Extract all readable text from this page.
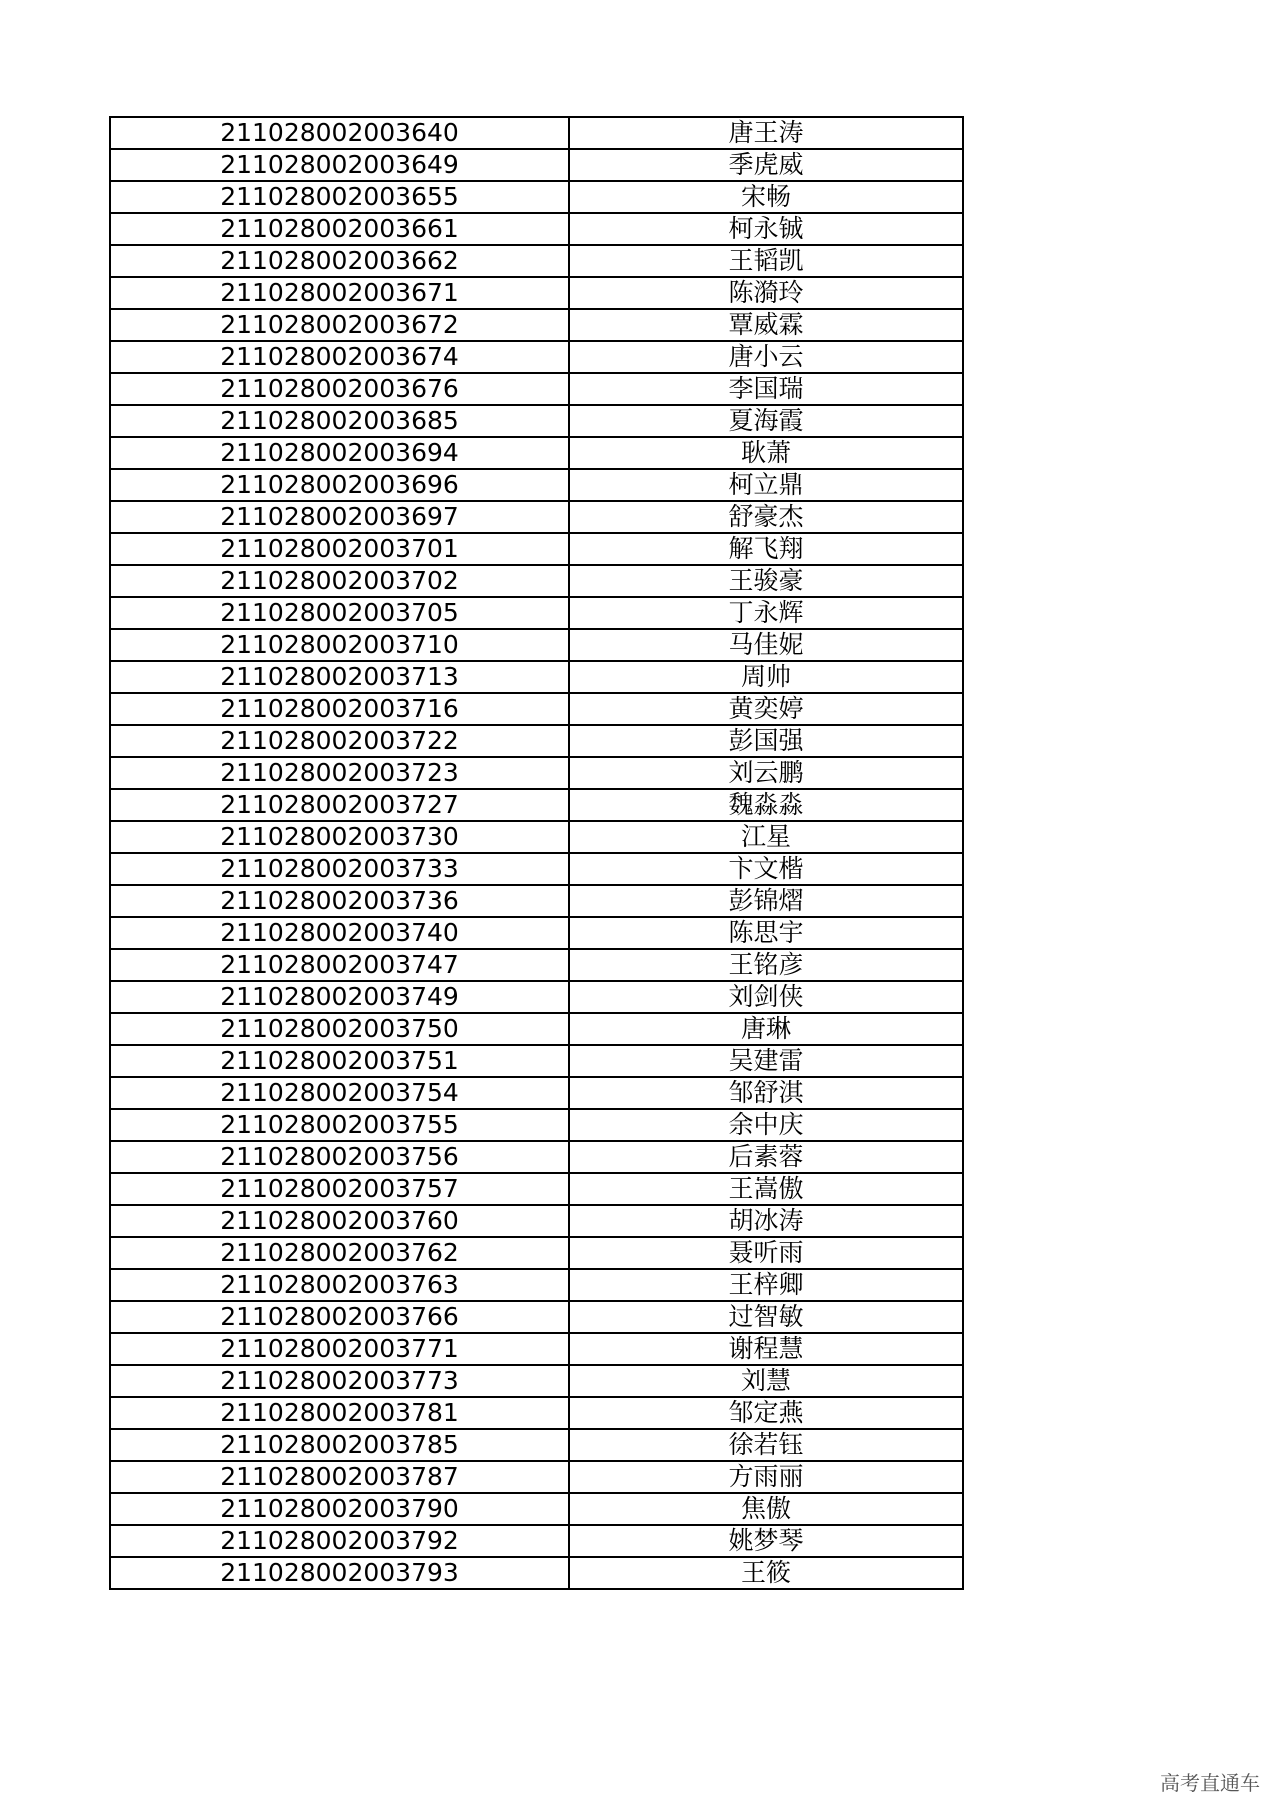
211028002003640	唐王涛
211028002003649	季虎威
211028002003655	宋畅
211028002003661	柯永铖
211028002003662	王韬凯
211028002003671	陈漪玲
211028002003672	覃威霖
211028002003674	唐小云
211028002003676	李国瑞
211028002003685	夏海霞
211028002003694	耿萧
211028002003696	柯立鼎
211028002003697	舒豪杰
211028002003701	解飞翔
211028002003702	王骏豪
211028002003705	丁永辉
211028002003710	马佳妮
211028002003713	周帅
211028002003716	黄奕婷
211028002003722	彭国强
211028002003723	刘云鹏
211028002003727	魏淼淼
211028002003730	江星
211028002003733	卞文楷
211028002003736	彭锦熠
211028002003740	陈思宇
211028002003747	王铭彦
211028002003749	刘剑侠
211028002003750	唐琳
211028002003751	吴建雷
211028002003754	邹舒淇
211028002003755	余中庆
211028002003756	后素蓉
211028002003757	王嵩傲
211028002003760	胡冰涛
211028002003762	聂听雨
211028002003763	王梓卿
211028002003766	过智敏
211028002003771	谢程慧
211028002003773	刘慧
211028002003781	邹定燕
211028002003785	徐若钰
211028002003787	方雨丽
211028002003790	焦傲
211028002003792	姚梦琴
211028002003793	王筱
高考直通车
